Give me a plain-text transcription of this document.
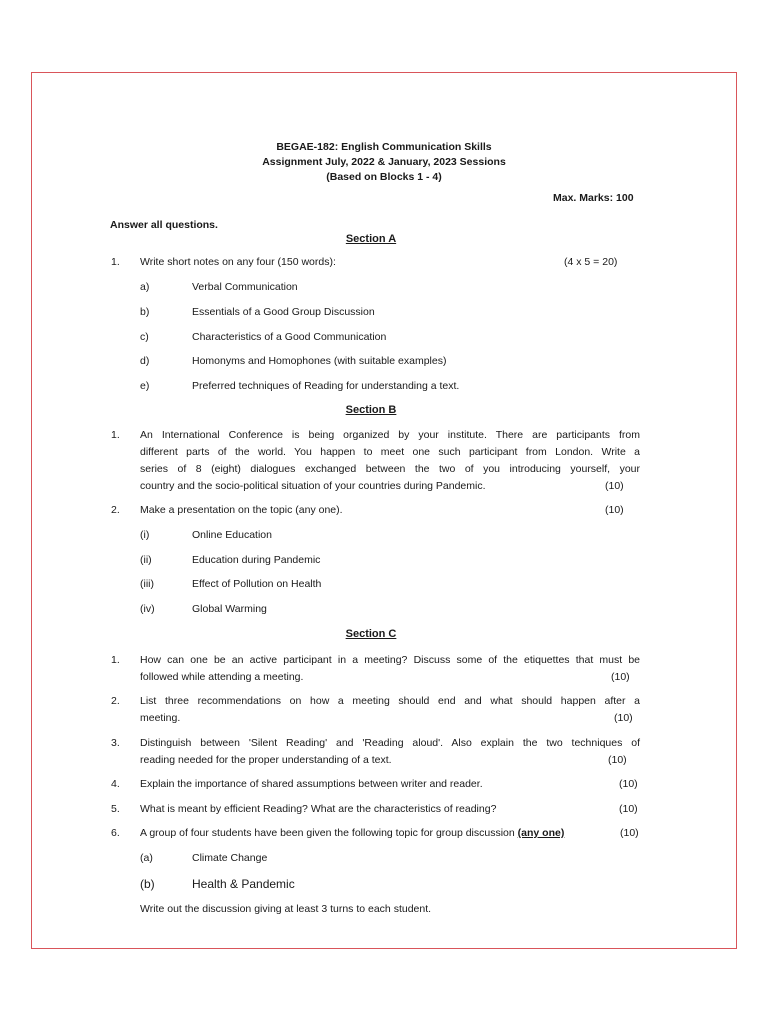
BEGAE-182: English Communication Skills
Assignment July, 2022 & January, 2023 Sessions
(Based on Blocks 1 - 4)
Max. Marks: 100
Answer all questions.
Section A
1. Write short notes on any four (150 words):	(4 x 5 = 20)
a)	Verbal Communication
b)	Essentials of a Good Group Discussion
c)	Characteristics of a Good Communication
d)	Homonyms and Homophones (with suitable examples)
e)	Preferred techniques of Reading for understanding a text.
Section B
1. An International Conference is being organized by your institute. There are participants from
different parts of the world. You happen to meet one such participant from London. Write a
series of 8 (eight) dialogues exchanged between the two of you introducing yourself, your
country and the socio-political situation of your countries during Pandemic.	(10)
2. Make a presentation on the topic (any one).	(10)
(i)	Online Education
(ii)	Education during Pandemic
(iii)	Effect of Pollution on Health
(iv)	Global Warming
Section C
1. How can one be an active participant in a meeting? Discuss some of the etiquettes that must be
followed while attending a meeting.	(10)
2. List three recommendations on how a meeting should end and what should happen after a
meeting.	(10)
3. Distinguish between 'Silent Reading' and 'Reading aloud'. Also explain the two techniques of
reading needed for the proper understanding of a text.	(10)
4. Explain the importance of shared assumptions between writer and reader.	(10)
5. What is meant by efficient Reading? What are the characteristics of reading?	(10)
6. A group of four students have been given the following topic for group discussion (any one)	(10)
(a)	Climate Change
(b)	Health & Pandemic
Write out the discussion giving at least 3 turns to each student.
